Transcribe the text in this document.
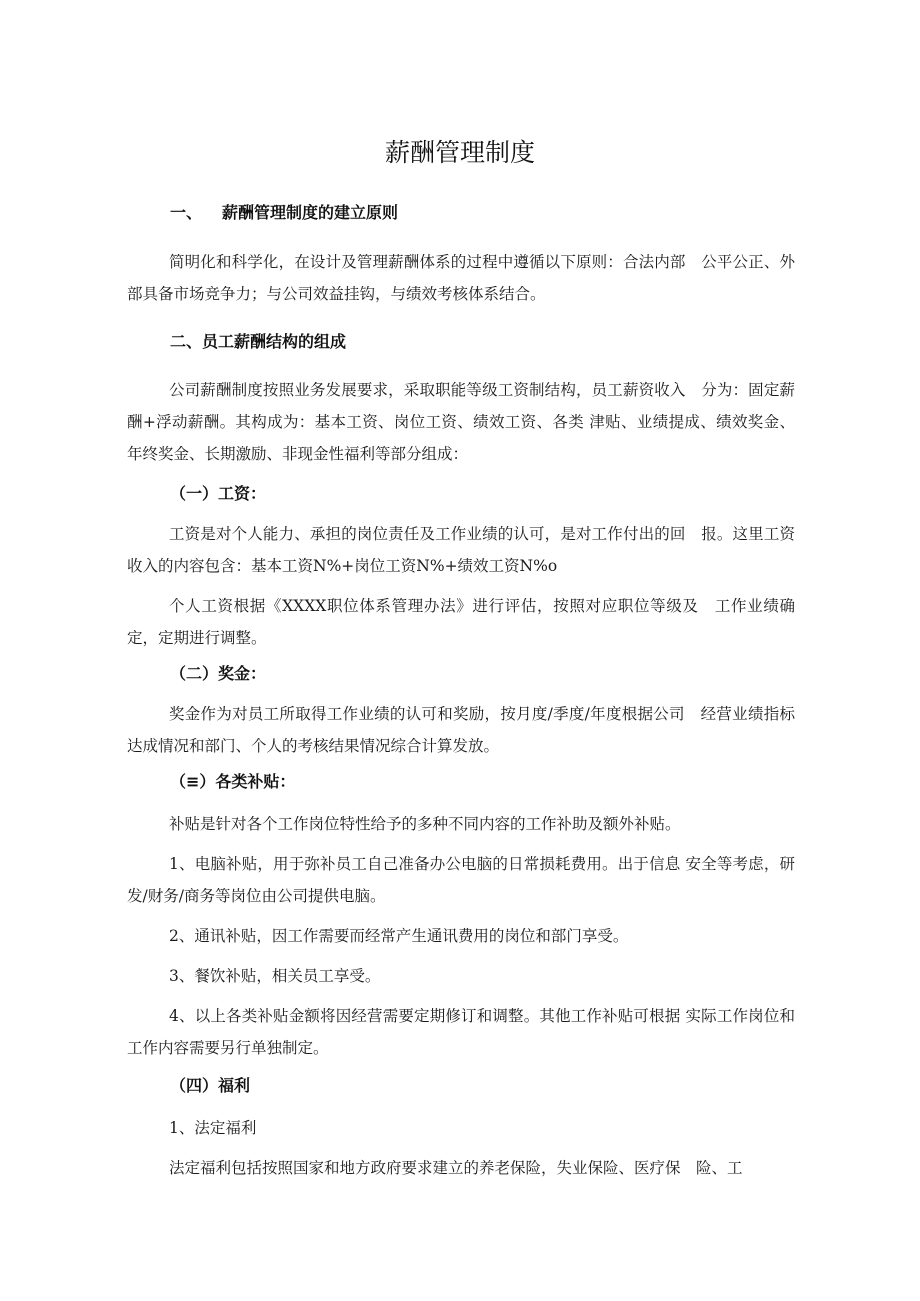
薪酬管理制度
一、 薪酬管理制度的建立原则
简明化和科学化，在设计及管理薪酬体系的过程中遵循以下原则：合法内部　公平公正、外部具备市场竞争力；与公司效益挂钩，与绩效考核体系结合。
二、员工薪酬结构的组成
公司薪酬制度按照业务发展要求，采取职能等级工资制结构，员工薪资收入　分为：固定薪酬+浮动薪酬。其构成为：基本工资、岗位工资、绩效工资、各类 津贴、业绩提成、绩效奖金、年终奖金、长期激励、非现金性福利等部分组成：
（一）工资：
工资是对个人能力、承担的岗位责任及工作业绩的认可，是对工作付出的回　报。这里工资收入的内容包含：基本工资N%+岗位工资N%+绩效工资N%o
个人工资根据《XXXX职位体系管理办法》进行评估，按照对应职位等级及　工作业绩确定，定期进行调整。
（二）奖金：
奖金作为对员工所取得工作业绩的认可和奖励，按月度/季度/年度根据公司　经营业绩指标达成情况和部门、个人的考核结果情况综合计算发放。
（≡）各类补贴：
补贴是针对各个工作岗位特性给予的多种不同内容的工作补助及额外补贴。
1、电脑补贴，用于弥补员工自己准备办公电脑的日常损耗费用。出于信息 安全等考虑，研发/财务/商务等岗位由公司提供电脑。
2、通讯补贴，因工作需要而经常产生通讯费用的岗位和部门享受。
3、餐饮补贴，相关员工享受。
4、以上各类补贴金额将因经营需要定期修订和调整。其他工作补贴可根据 实际工作岗位和工作内容需要另行单独制定。
（四）福利
1、法定福利
法定福利包括按照国家和地方政府要求建立的养老保险，失业保险、医疗保　险、工
